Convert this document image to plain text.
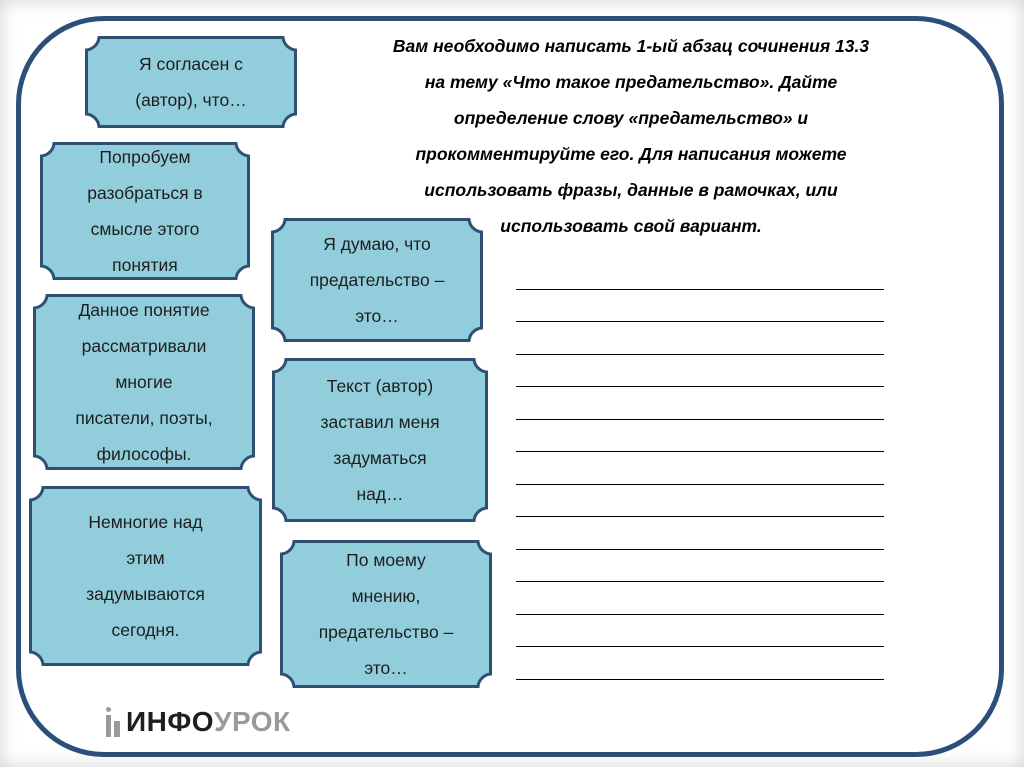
Вам необходимо написать 1-ый абзац сочинения 13.3
на тему «Что такое предательство». Дайте
определение слову «предательство» и
прокомментируйте его. Для написания можете
использовать фразы, данные в рамочках, или
использовать свой вариант.
Я согласен с
(автор), что…
Попробуем
разобраться в
смысле этого
понятия
Данное понятие
рассматривали
многие
писатели, поэты,
философы.
Немногие над
этим
задумываются
сегодня.
Я думаю, что
предательство –
это…
Текст (автор)
заставил меня
задуматься
над…
По моему
мнению,
предательство –
это…
ИНФО УРОК
